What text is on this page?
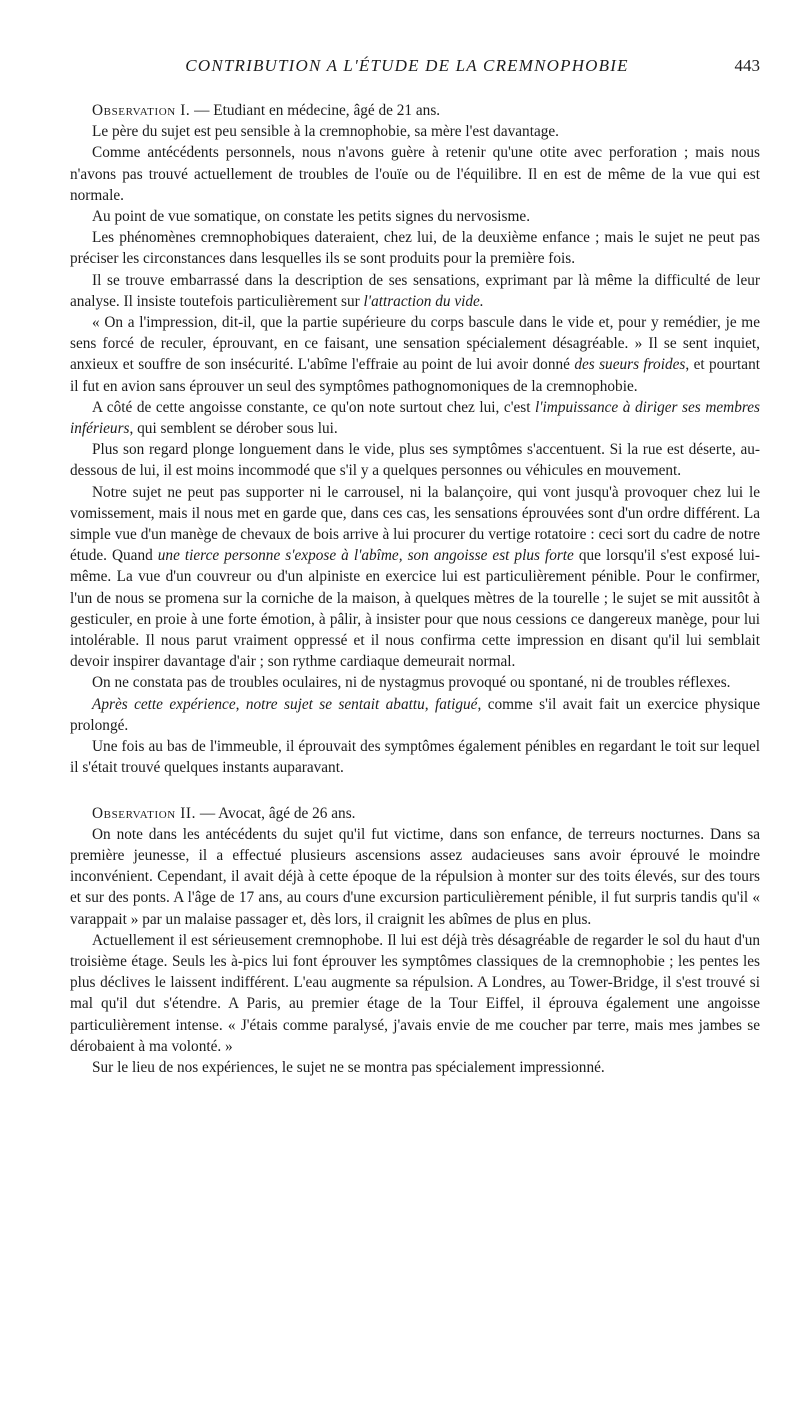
CONTRIBUTION A L'ÉTUDE DE LA CREMNOPHOBIE	443

Observation I. — Etudiant en médecine, âgé de 21 ans.

Le père du sujet est peu sensible à la cremnophobie, sa mère l'est davantage.

Comme antécédents personnels, nous n'avons guère à retenir qu'une otite avec perforation ; mais nous n'avons pas trouvé actuellement de troubles de l'ouïe ou de l'équilibre. Il en est de même de la vue qui est normale.

Au point de vue somatique, on constate les petits signes du nervosisme.

Les phénomènes cremnophobiques dateraient, chez lui, de la deuxième enfance ; mais le sujet ne peut pas préciser les circonstances dans lesquelles ils se sont produits pour la première fois.

Il se trouve embarrassé dans la description de ses sensations, exprimant par là même la difficulté de leur analyse. Il insiste toutefois particulièrement sur l'attraction du vide.

« On a l'impression, dit-il, que la partie supérieure du corps bascule dans le vide et, pour y remédier, je me sens forcé de reculer, éprouvant, en ce faisant, une sensation spécialement désagréable. » Il se sent inquiet, anxieux et souffre de son insécurité. L'abîme l'effraie au point de lui avoir donné des sueurs froides, et pourtant il fut en avion sans éprouver un seul des symptômes pathognomoniques de la cremnophobie.

A côté de cette angoisse constante, ce qu'on note surtout chez lui, c'est l'impuissance à diriger ses membres inférieurs, qui semblent se dérober sous lui.

Plus son regard plonge longuement dans le vide, plus ses symptômes s'accentuent. Si la rue est déserte, au-dessous de lui, il est moins incommodé que s'il y a quelques personnes ou véhicules en mouvement.

Notre sujet ne peut pas supporter ni le carrousel, ni la balançoire, qui vont jusqu'à provoquer chez lui le vomissement, mais il nous met en garde que, dans ces cas, les sensations éprouvées sont d'un ordre différent. La simple vue d'un manège de chevaux de bois arrive à lui procurer du vertige rotatoire : ceci sort du cadre de notre étude. Quand une tierce personne s'expose à l'abîme, son angoisse est plus forte que lorsqu'il s'est exposé lui-même. La vue d'un couvreur ou d'un alpiniste en exercice lui est particulièrement pénible. Pour le confirmer, l'un de nous se promena sur la corniche de la maison, à quelques mètres de la tourelle ; le sujet se mit aussitôt à gesticuler, en proie à une forte émotion, à pâlir, à insister pour que nous cessions ce dangereux manège, pour lui intolérable. Il nous parut vraiment oppressé et il nous confirma cette impression en disant qu'il lui semblait devoir inspirer davantage d'air ; son rythme cardiaque demeurait normal.

On ne constata pas de troubles oculaires, ni de nystagmus provoqué ou spontané, ni de troubles réflexes.

Après cette expérience, notre sujet se sentait abattu, fatigué, comme s'il avait fait un exercice physique prolongé.

Une fois au bas de l'immeuble, il éprouvait des symptômes également pénibles en regardant le toit sur lequel il s'était trouvé quelques instants auparavant.

Observation II. — Avocat, âgé de 26 ans.

On note dans les antécédents du sujet qu'il fut victime, dans son enfance, de terreurs nocturnes. Dans sa première jeunesse, il a effectué plusieurs ascensions assez audacieuses sans avoir éprouvé le moindre inconvénient. Cependant, il avait déjà à cette époque de la répulsion à monter sur des toits élevés, sur des tours et sur des ponts. A l'âge de 17 ans, au cours d'une excursion particulièrement pénible, il fut surpris tandis qu'il « varappait » par un malaise passager et, dès lors, il craignit les abîmes de plus en plus.

Actuellement il est sérieusement cremnophobe. Il lui est déjà très désagréable de regarder le sol du haut d'un troisième étage. Seuls les à-pics lui font éprouver les symptômes classiques de la cremnophobie ; les pentes les plus déclives le laissent indifférent. L'eau augmente sa répulsion. A Londres, au Tower-Bridge, il s'est trouvé si mal qu'il dut s'étendre. A Paris, au premier étage de la Tour Eiffel, il éprouva également une angoisse particulièrement intense. « J'étais comme paralysé, j'avais envie de me coucher par terre, mais mes jambes se dérobaient à ma volonté. »

Sur le lieu de nos expériences, le sujet ne se montra pas spécialement impressionné.
